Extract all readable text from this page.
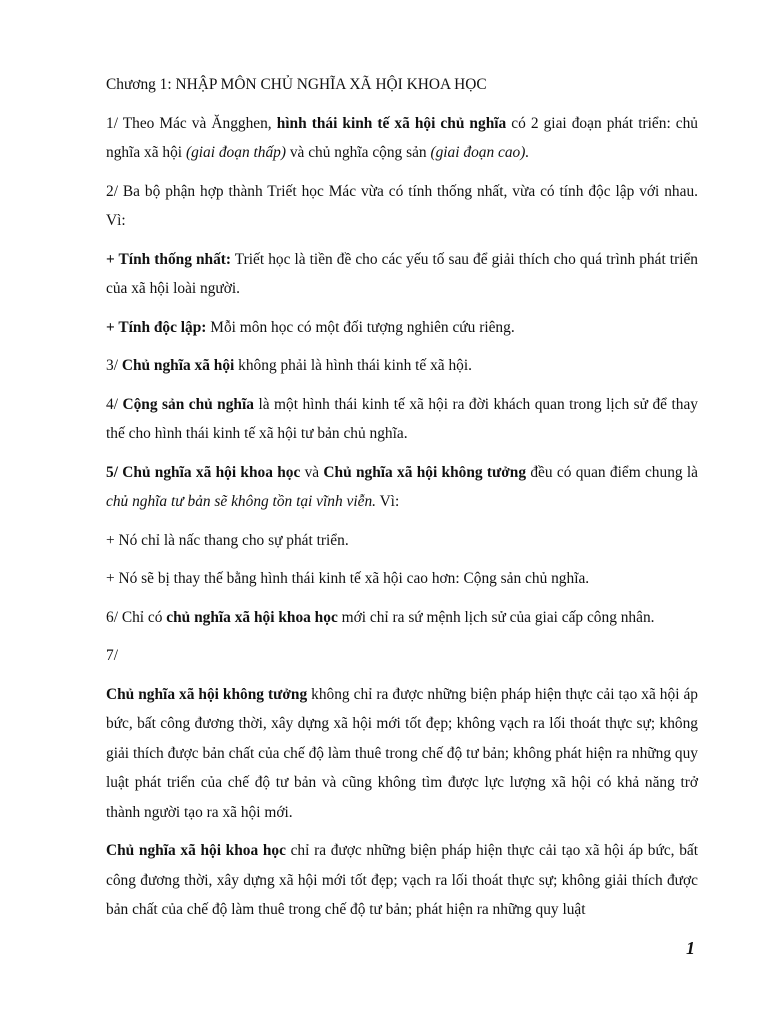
Chương 1: NHẬP MÔN CHỦ NGHĨA XÃ HỘI KHOA HỌC

1/ Theo Mác và Ăngghen, hình thái kinh tế xã hội chủ nghĩa có 2 giai đoạn phát triển: chủ nghĩa xã hội (giai đoạn thấp) và chủ nghĩa cộng sản (giai đoạn cao).

2/ Ba bộ phận hợp thành Triết học Mác vừa có tính thống nhất, vừa có tính độc lập với nhau. Vì:

+ Tính thống nhất: Triết học là tiền đề cho các yếu tố sau để giải thích cho quá trình phát triển của xã hội loài người.

+ Tính độc lập: Mỗi môn học có một đối tượng nghiên cứu riêng.

3/ Chủ nghĩa xã hội không phải là hình thái kinh tế xã hội.

4/ Cộng sản chủ nghĩa là một hình thái kinh tế xã hội ra đời khách quan trong lịch sử để thay thế cho hình thái kinh tế xã hội tư bản chủ nghĩa.

5/ Chủ nghĩa xã hội khoa học và Chủ nghĩa xã hội không tưởng đều có quan điểm chung là chủ nghĩa tư bản sẽ không tồn tại vĩnh viễn. Vì:

+ Nó chỉ là nấc thang cho sự phát triển.

+ Nó sẽ bị thay thế bằng hình thái kinh tế xã hội cao hơn: Cộng sản chủ nghĩa.

6/ Chỉ có chủ nghĩa xã hội khoa học mới chỉ ra sứ mệnh lịch sử của giai cấp công nhân.

7/

Chủ nghĩa xã hội không tưởng không chỉ ra được những biện pháp hiện thực cải tạo xã hội áp bức, bất công đương thời, xây dựng xã hội mới tốt đẹp; không vạch ra lối thoát thực sự; không giải thích được bản chất của chế độ làm thuê trong chế độ tư bản; không phát hiện ra những quy luật phát triển của chế độ tư bản và cũng không tìm được lực lượng xã hội có khả năng trở thành người tạo ra xã hội mới.

Chủ nghĩa xã hội khoa học chỉ ra được những biện pháp hiện thực cải tạo xã hội áp bức, bất công đương thời, xây dựng xã hội mới tốt đẹp; vạch ra lối thoát thực sự; không giải thích được bản chất của chế độ làm thuê trong chế độ tư bản; phát hiện ra những quy luật

1
